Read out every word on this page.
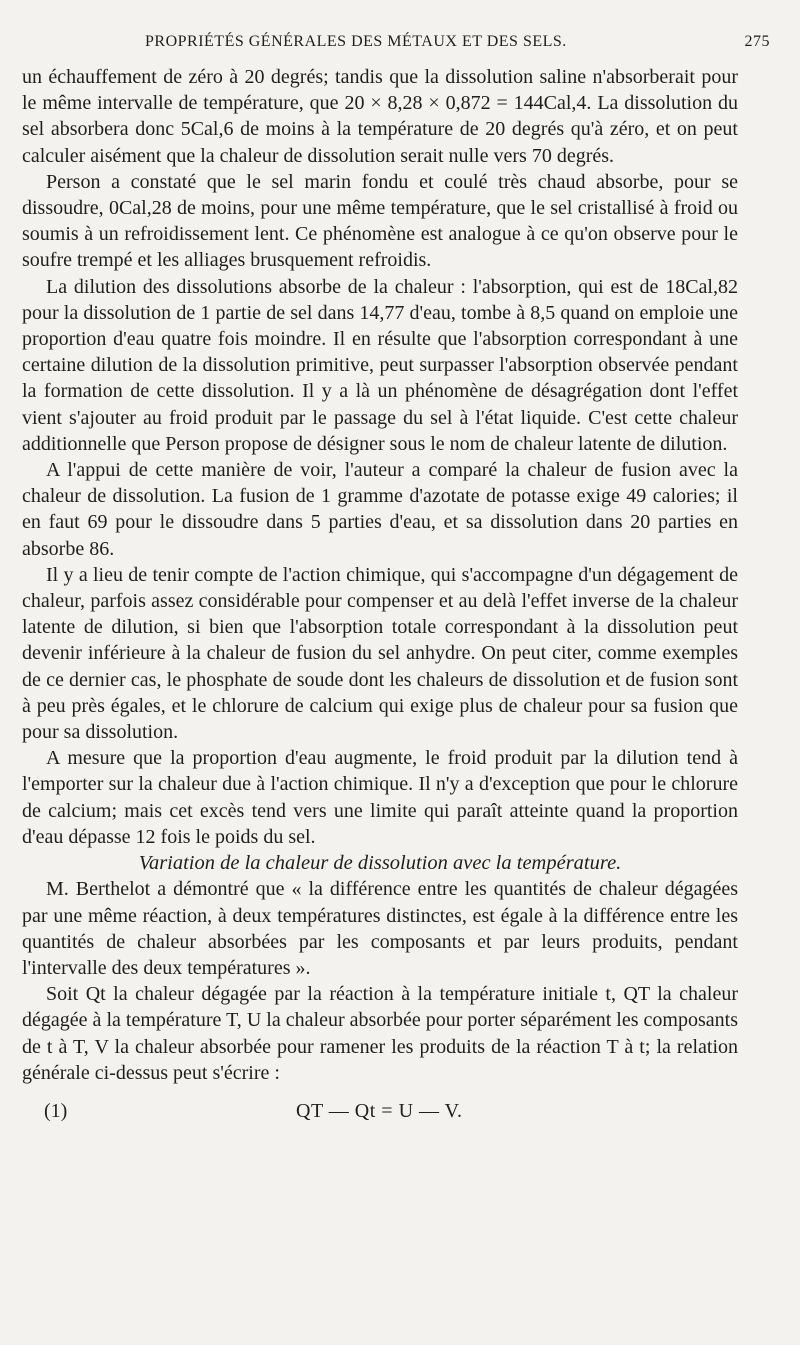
PROPRIÉTÉS GÉNÉRALES DES MÉTAUX ET DES SELS.	275

un échauffement de zéro à 20 degrés; tandis que la dissolution saline n'absorberait pour le même intervalle de température, que 20 × 8,28 × 0,872 = 144Cal,4. La dissolution du sel absorbera donc 5Cal,6 de moins à la température de 20 degrés qu'à zéro, et on peut calculer aisément que la chaleur de dissolution serait nulle vers 70 degrés.

Person a constaté que le sel marin fondu et coulé très chaud absorbe, pour se dissoudre, 0Cal,28 de moins, pour une même température, que le sel cristallisé à froid ou soumis à un refroidissement lent. Ce phénomène est analogue à ce qu'on observe pour le soufre trempé et les alliages brusquement refroidis.

La dilution des dissolutions absorbe de la chaleur : l'absorption, qui est de 18Cal,82 pour la dissolution de 1 partie de sel dans 14,77 d'eau, tombe à 8,5 quand on emploie une proportion d'eau quatre fois moindre. Il en résulte que l'absorption correspondant à une certaine dilution de la dissolution primitive, peut surpasser l'absorption observée pendant la formation de cette dissolution. Il y a là un phénomène de désagrégation dont l'effet vient s'ajouter au froid produit par le passage du sel à l'état liquide. C'est cette chaleur additionnelle que Person propose de désigner sous le nom de chaleur latente de dilution.

A l'appui de cette manière de voir, l'auteur a comparé la chaleur de fusion avec la chaleur de dissolution. La fusion de 1 gramme d'azotate de potasse exige 49 calories; il en faut 69 pour le dissoudre dans 5 parties d'eau, et sa dissolution dans 20 parties en absorbe 86.

Il y a lieu de tenir compte de l'action chimique, qui s'accompagne d'un dégagement de chaleur, parfois assez considérable pour compenser et au delà l'effet inverse de la chaleur latente de dilution, si bien que l'absorption totale correspondant à la dissolution peut devenir inférieure à la chaleur de fusion du sel anhydre. On peut citer, comme exemples de ce dernier cas, le phosphate de soude dont les chaleurs de dissolution et de fusion sont à peu près égales, et le chlorure de calcium qui exige plus de chaleur pour sa fusion que pour sa dissolution.

A mesure que la proportion d'eau augmente, le froid produit par la dilution tend à l'emporter sur la chaleur due à l'action chimique. Il n'y a d'exception que pour le chlorure de calcium; mais cet excès tend vers une limite qui paraît atteinte quand la proportion d'eau dépasse 12 fois le poids du sel.

Variation de la chaleur de dissolution avec la température.

M. Berthelot a démontré que « la différence entre les quantités de chaleur dégagées par une même réaction, à deux températures distinctes, est égale à la différence entre les quantités de chaleur absorbées par les composants et par leurs produits, pendant l'intervalle des deux températures ».

Soit Qt la chaleur dégagée par la réaction à la température initiale t, QT la chaleur dégagée à la température T, U la chaleur absorbée pour porter séparément les composants de t à T, V la chaleur absorbée pour ramener les produits de la réaction T à t; la relation générale ci-dessus peut s'écrire :

(1)	QT — Qt = U — V.
